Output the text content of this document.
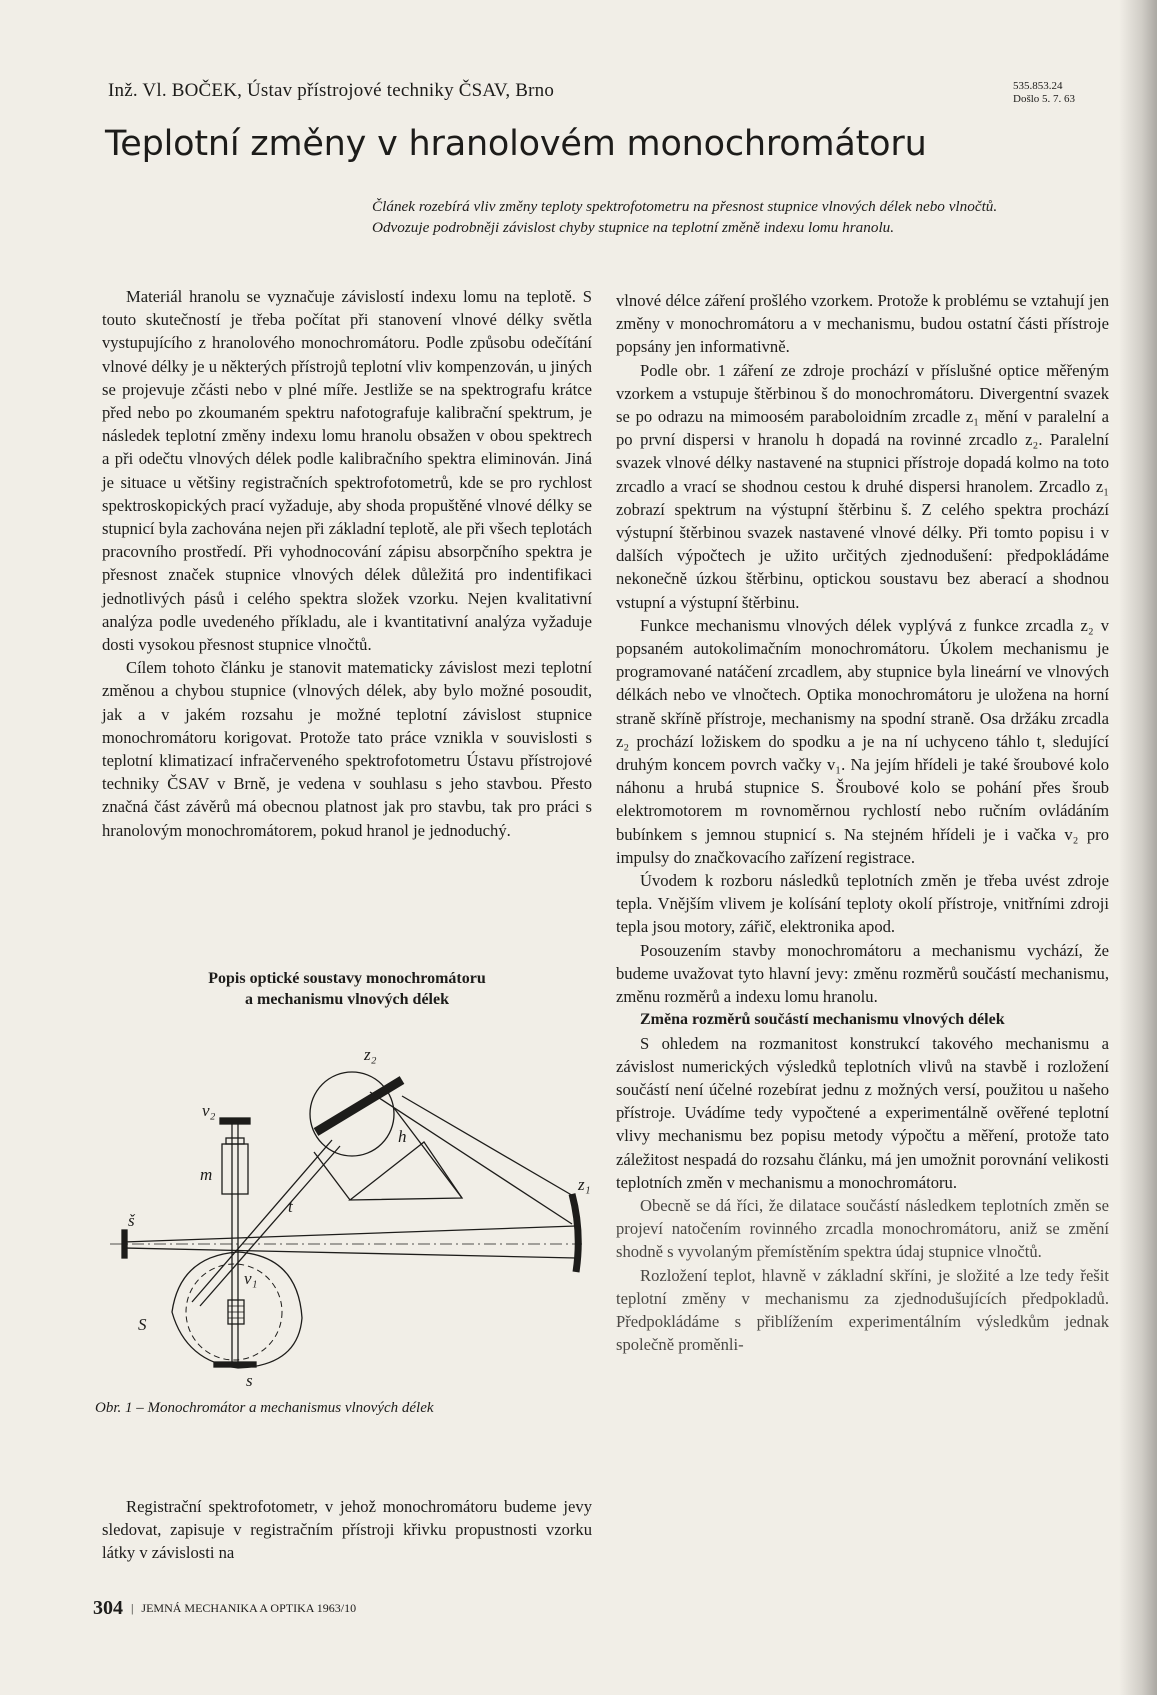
Inž. Vl. BOČEK, Ústav přístrojové techniky ČSAV, Brno	535.853.24
Došlo 5. 7. 63
Teplotní změny v hranolovém monochromátoru
Článek rozebírá vliv změny teploty spektrofotometru na přesnost stupnice vlnových délek nebo vlnočtů.
Odvozuje podrobněji závislost chyby stupnice na teplotní změně indexu lomu hranolu.

Materiál hranolu se vyznačuje závislostí indexu lomu na teplotě. S touto skutečností je třeba počítat při stanovení vlnové délky světla vystupujícího z hranolového monochromátoru. Podle způsobu odečítání vlnové délky je u některých přístrojů teplotní vliv kompenzován, u jiných se projevuje zčásti nebo v plné míře. Jestliže se na spektrografu krátce před nebo po zkoumaném spektru nafotografuje kalibrační spektrum, je následek teplotní změny indexu lomu hranolu obsažen v obou spektrech a při odečtu vlnových délek podle kalibračního spektra eliminován. Jiná je situace u většiny registračních spektrofotometrů, kde se pro rychlost spektroskopických prací vyžaduje, aby shoda propuštěné vlnové délky se stupnicí byla zachována nejen při základní teplotě, ale při všech teplotách pracovního prostředí. Při vyhodnocování zápisu absorpčního spektra je přesnost značek stupnice vlnových délek důležitá pro indentifikaci jednotlivých pásů i celého spektra složek vzorku. Nejen kvalitativní analýza podle uvedeného příkladu, ale i kvantitativní analýza vyžaduje dosti vysokou přesnost stupnice vlnočtů.

Cílem tohoto článku je stanovit matematicky závislost mezi teplotní změnou a chybou stupnice (vlnových délek, aby bylo možné posoudit, jak a v jakém rozsahu je možné teplotní závislost stupnice monochromátoru korigovat. Protože tato práce vznikla v souvislosti s teplotní klimatizací infračerveného spektrofotometru Ústavu přístrojové techniky ČSAV v Brně, je vedena v souhlasu s jeho stavbou. Přesto značná část závěrů má obecnou platnost jak pro stavbu, tak pro práci s hranolovým monochromátorem, pokud hranol je jednoduchý.

Popis optické soustavy monochromátoru

a mechanismu vlnových délek

z₂
v₂
m
h
t
z₁
š
v₁
S
s
Obr. 1 – Monochromátor a mechanismus vlnových délek

Registrační spektrofotometr, v jehož monochromátoru budeme jevy sledovat, zapisuje v registračním přístroji křivku propustnosti vzorku látky v závislosti na

vlnové délce záření prošlého vzorkem. Protože k problému se vztahují jen změny v monochromátoru a v mechanismu, budou ostatní části přístroje popsány jen informativně.

Podle obr. 1 záření ze zdroje prochází v příslušné optice měřeným vzorkem a vstupuje štěrbinou š do monochromátoru. Divergentní svazek se po odrazu na mimoosém paraboloidním zrcadle z₁ mění v paralelní a po první dispersi v hranolu h dopadá na rovinné zrcadlo z₂. Paralelní svazek vlnové délky nastavené na stupnici přístroje dopadá kolmo na toto zrcadlo a vrací se shodnou cestou k druhé dispersi hranolem. Zrcadlo z₁ zobrazí spektrum na výstupní štěrbinu š. Z celého spektra prochází výstupní štěrbinou svazek nastavené vlnové délky. Při tomto popisu i v dalších výpočtech je užito určitých zjednodušení: předpokládáme nekonečně úzkou štěrbinu, optickou soustavu bez aberací a shodnou vstupní a výstupní štěrbinu.

Funkce mechanismu vlnových délek vyplývá z funkce zrcadla z₂ v popsaném autokolimačním monochromátoru. Úkolem mechanismu je programované natáčení zrcadlem, aby stupnice byla lineární ve vlnových délkách nebo ve vlnočtech. Optika monochromátoru je uložena na horní straně skříně přístroje, mechanismy na spodní straně. Osa držáku zrcadla z₂ prochází ložiskem do spodku a je na ní uchyceno táhlo t, sledující druhým koncem povrch vačky v₁. Na jejím hřídeli je také šroubové kolo náhonu a hrubá stupnice S. Šroubové kolo se pohání přes šroub elektromotorem m rovnoměrnou rychlostí nebo ručním ovládáním bubínkem s jemnou stupnicí s. Na stejném hřídeli je i vačka v₂ pro impulsy do značkovacího zařízení registrace.

Úvodem k rozboru následků teplotních změn je třeba uvést zdroje tepla. Vnějším vlivem je kolísání teploty okolí přístroje, vnitřními zdroji tepla jsou motory, zářič, elektronika apod.

Posouzením stavby monochromátoru a mechanismu vychází, že budeme uvažovat tyto hlavní jevy: změnu rozměrů součástí mechanismu, změnu rozměrů a indexu lomu hranolu.

Změna rozměrů součástí mechanismu vlnových délek

S ohledem na rozmanitost konstrukcí takového mechanismu a závislost numerických výsledků teplotních vlivů na stavbě i rozložení součástí není účelné rozebírat jednu z možných versí, použitou u našeho přístroje. Uvádíme tedy vypočtené a experimentálně ověřené teplotní vlivy mechanismu bez popisu metody výpočtu a měření, protože tato záležitost nespadá do rozsahu článku, má jen umožnit porovnání velikosti teplotních změn v mechanismu a monochromátoru.

Obecně se dá říci, že dilatace součástí následkem teplotních změn se projeví natočením rovinného zrcadla monochromátoru, aniž se změní shodně s vyvolaným přemístěním spektra údaj stupnice vlnočtů.

Rozložení teplot, hlavně v základní skříni, je složité a lze tedy řešit teplotní změny v mechanismu za zjednodušujících předpokladů. Předpokládáme s přiblížením experimentálním výsledkům jednak společně proměnli-

304 | JEMNÁ MECHANIKA A OPTIKA 1963/10
